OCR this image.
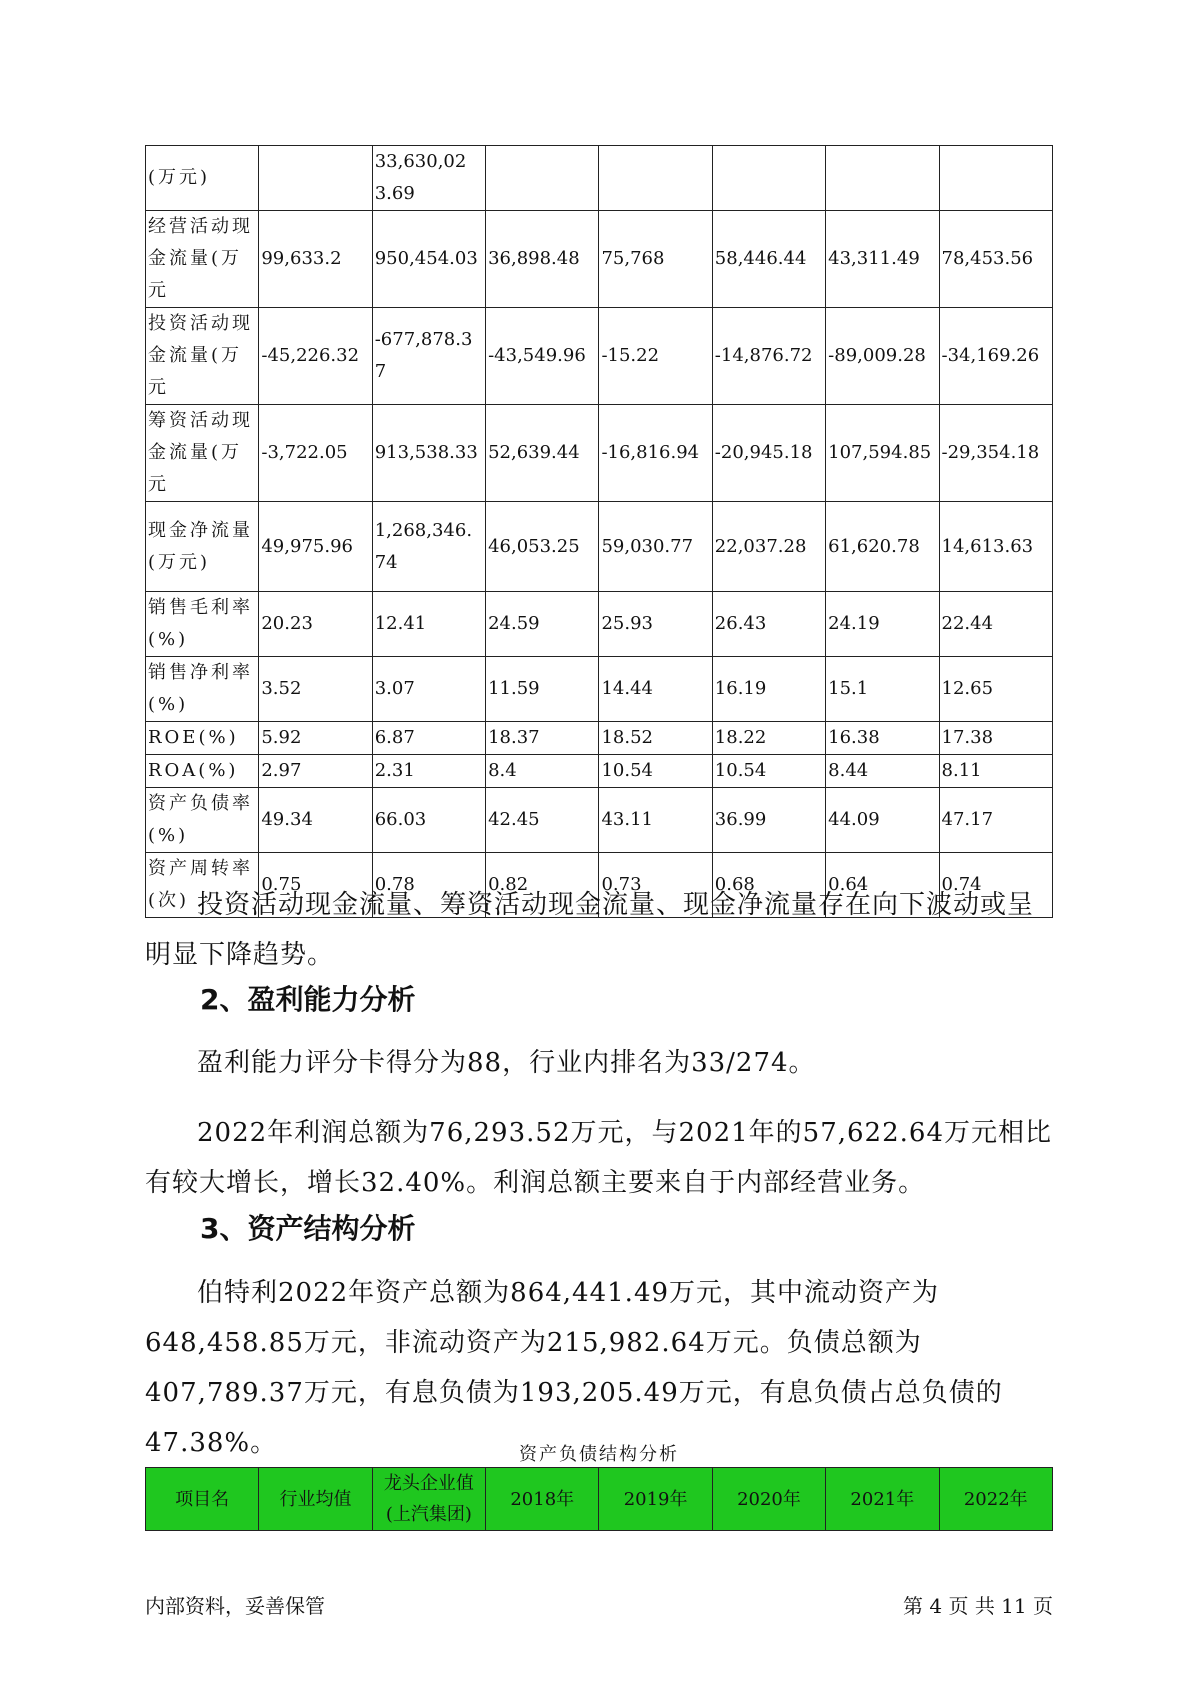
(万元)		33,630,023.69					
经营活动现金流量(万元	99,633.2	950,454.03	36,898.48	75,768	58,446.44	43,311.49	78,453.56
投资活动现金流量(万元	-45,226.32	-677,878.37	-43,549.96	-15.22	-14,876.72	-89,009.28	-34,169.26
筹资活动现金流量(万元	-3,722.05	913,538.33	52,639.44	-16,816.94	-20,945.18	107,594.85	-29,354.18
现金净流量(万元)	49,975.96	1,268,346.74	46,053.25	59,030.77	22,037.28	61,620.78	14,613.63
销售毛利率(%)	20.23	12.41	24.59	25.93	26.43	24.19	22.44
销售净利率(%)	3.52	3.07	11.59	14.44	16.19	15.1	12.65
ROE(%)	5.92	6.87	18.37	18.52	18.22	16.38	17.38
ROA(%)	2.97	2.31	8.4	10.54	10.54	8.44	8.11
资产负债率(%)	49.34	66.03	42.45	43.11	36.99	44.09	47.17
资产周转率(次)	0.75	0.78	0.82	0.73	0.68	0.64	0.74

投资活动现金流量、筹资活动现金流量、现金净流量存在向下波动或呈明显下降趋势。

2、盈利能力分析

盈利能力评分卡得分为88，行业内排名为33/274。

2022年利润总额为76,293.52万元，与2021年的57,622.64万元相比有较大增长，增长32.40%。利润总额主要来自于内部经营业务。

3、资产结构分析

伯特利2022年资产总额为864,441.49万元，其中流动资产为648,458.85万元，非流动资产为215,982.64万元。负债总额为407,789.37万元，有息负债为193,205.49万元，有息负债占总负债的47.38%。	资产负债结构分析
项目名	行业均值	龙头企业值(上汽集团)	2018年	2019年	2020年	2021年	2022年
内部资料，妥善保管	第 4 页 共 11 页
